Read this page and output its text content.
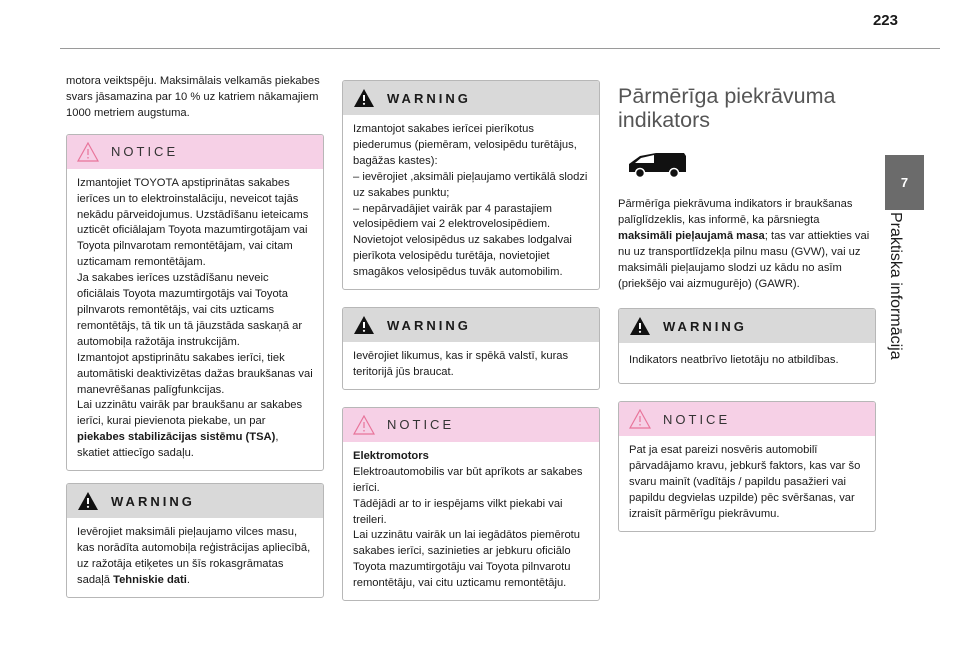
223
7
Praktiska informācija

motora veiktspēju. Maksimālais velkamās piekabes svars jāsamazina par 10 % uz katriem nākamajiem 1000 metriem augstuma.

NOTICE
Izmantojiet TOYOTA apstiprinātas sakabes ierīces un to elektroinstalāciju, neveicot tajās nekādu pārveidojumus. Uzstādīšanu ieteicams uzticēt oficiālajam Toyota mazumtirgotājam vai Toyota pilnvarotam remontētājam, vai citam uzticamam remontētājam.
Ja sakabes ierīces uzstādīšanu neveic oficiālais Toyota mazumtirgotājs vai Toyota pilnvarots remontētājs, vai cits uzticams remontētājs, tā tik un tā jāuzstāda saskaņā ar automobiļa ražotāja instrukcijām.
Izmantojot apstiprinātu sakabes ierīci, tiek automātiski deaktivizētas dažas braukšanas vai manevrēšanas palīgfunkcijas.
Lai uzzinātu vairāk par braukšanu ar sakabes ierīci, kurai pievienota piekabe, un par piekabes stabilizācijas sistēmu (TSA), skatiet attiecīgo sadaļu.
WARNING
Ievērojiet maksimāli pieļaujamo vilces masu, kas norādīta automobiļa reģistrācijas apliecībā, uz ražotāja etiķetes un šīs rokasgrāmatas sadaļā Tehniskie dati.
WARNING
Izmantojot sakabes ierīcei pierīkotus piederumus (piemēram, velosipēdu turētājus, bagāžas kastes):
– ievērojiet ,aksimāli pieļaujamo vertikālā slodzi uz sakabes punktu;
– nepārvadājiet vairāk par 4 parastajiem velosipēdiem vai 2 elektrovelosipēdiem.
Novietojot velosipēdus uz sakabes lodgalvai pierīkota velosipēdu turētāja, novietojiet smagākos velosipēdus tuvāk automobilim.
WARNING
Ievērojiet likumus, kas ir spēkā valstī, kuras teritorijā jūs braucat.
NOTICE
Elektromotors
Elektroautomobilis var būt aprīkots ar sakabes ierīci.
Tādējādi ar to ir iespējams vilkt piekabi vai treileri.
Lai uzzinātu vairāk un lai iegādātos piemērotu sakabes ierīci, sazinieties ar jebkuru oficiālo Toyota mazumtirgotāju vai Toyota pilnvarotu remontētāju, vai citu uzticamu remontētāju.
Pārmērīga piekrāvuma
indikators

Pārmērīga piekrāvuma indikators ir braukšanas palīglīdzeklis, kas informē, ka pārsniegta maksimāli pieļaujamā masa; tas var attiekties vai nu uz transportlīdzekļa pilnu masu (GVW), vai uz maksimāli pieļaujamo slodzi uz kādu no asīm (priekšējo vai aizmugurējo) (GAWR).

WARNING
Indikators neatbrīvo lietotāju no atbildības.
NOTICE
Pat ja esat pareizi nosvēris automobilī pārvadājamo kravu, jebkurš faktors, kas var šo svaru mainīt (vadītājs / papildu pasažieri vai papildu degvielas uzpilde) pēc svēršanas, var izraisīt pārmērīgu piekrāvumu.
